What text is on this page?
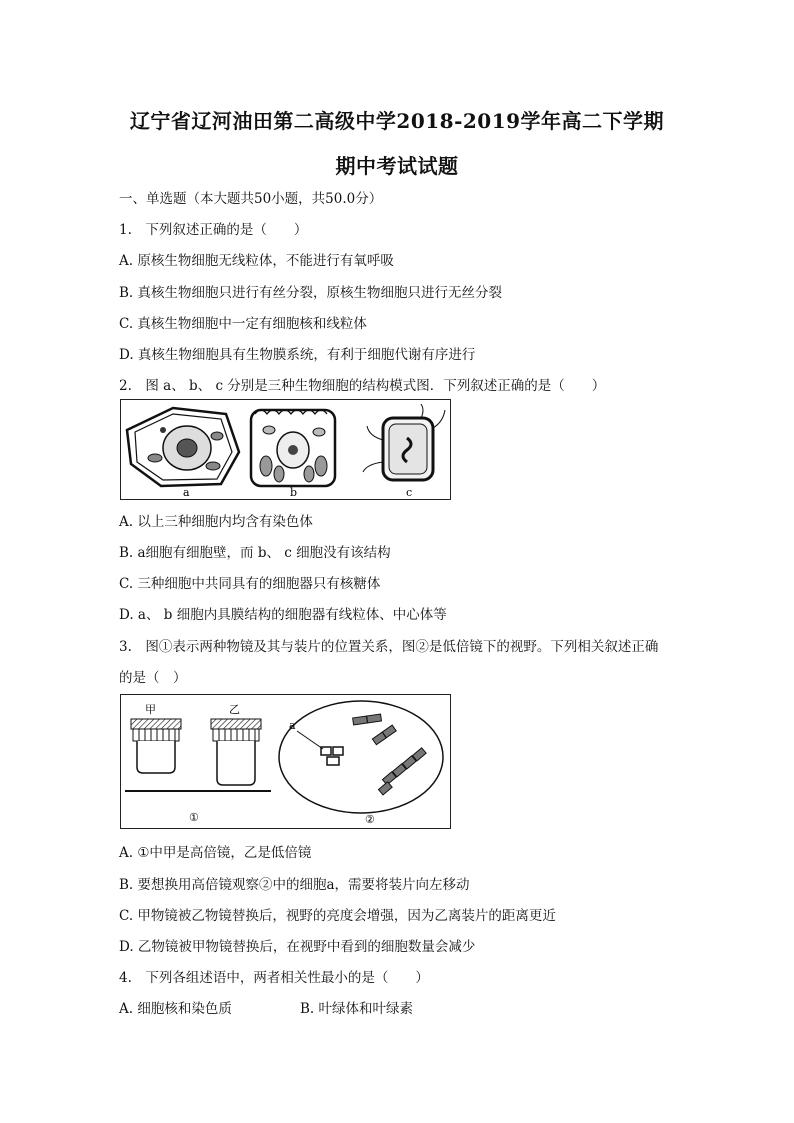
辽宁省辽河油田第二高级中学2018-2019学年高二下学期
期中考试试题
一、单选题（本大题共50小题，共50.0分）
1.　下列叙述正确的是（　　）
A. 原核生物细胞无线粒体，不能进行有氧呼吸
B. 真核生物细胞只进行有丝分裂，原核生物细胞只进行无丝分裂
C. 真核生物细胞中一定有细胞核和线粒体
D. 真核生物细胞具有生物膜系统，有利于细胞代谢有序进行
2.　图 a、 b、 c 分别是三种生物细胞的结构模式图．下列叙述正确的是（　　）
a	b	c
A. 以上三种细胞内均含有染色体
B. a细胞有细胞壁，而 b、 c 细胞没有该结构
C. 三种细胞中共同具有的细胞器只有核糖体
D. a、 b 细胞内具膜结构的细胞器有线粒体、中心体等
3.　图①表示两种物镜及其与装片的位置关系，图②是低倍镜下的视野。下列相关叙述正确
的是（　）
甲	乙
①
a
②
A. ①中甲是高倍镜，乙是低倍镜
B. 要想换用高倍镜观察②中的细胞a，需要将装片向左移动
C. 甲物镜被乙物镜替换后，视野的亮度会增强，因为乙离装片的距离更近
D. 乙物镜被甲物镜替换后，在视野中看到的细胞数量会减少
4.　下列各组述语中，两者相关性最小的是（　　）
A. 细胞核和染色质	B. 叶绿体和叶绿素
